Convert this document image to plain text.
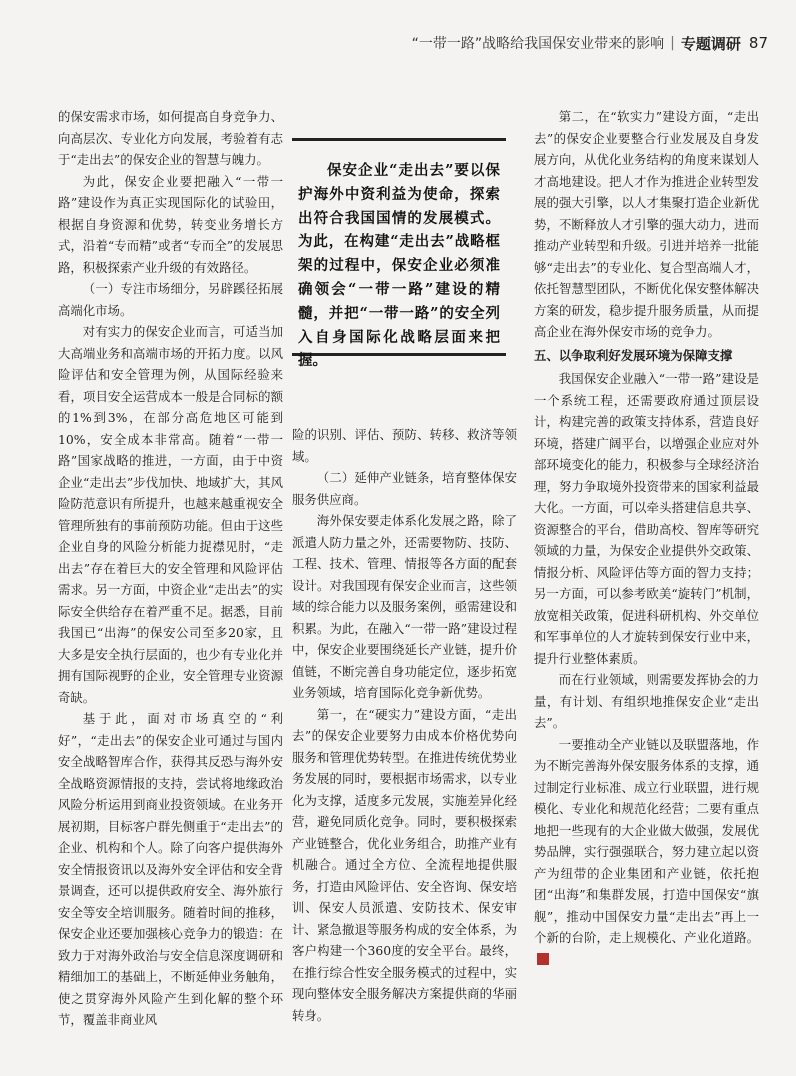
“一带一路”战略给我国保安业带来的影响 | 专题调研 87

的保安需求市场，如何提高自身竞争力、向高层次、专业化方向发展，考验着有志于“走出去”的保安企业的智慧与魄力。

为此，保安企业要把融入“一带一路”建设作为真正实现国际化的试验田，根据自身资源和优势，转变业务增长方式，沿着“专而精”或者“专而全”的发展思路，积极探索产业升级的有效路径。

（一）专注市场细分，另辟蹊径拓展高端化市场。

对有实力的保安企业而言，可适当加大高端业务和高端市场的开拓力度。以风险评估和安全管理为例，从国际经验来看，项目安全运营成本一般是合同标的额的1%到3%，在部分高危地区可能到10%，安全成本非常高。随着“一带一路”国家战略的推进，一方面，由于中资企业“走出去”步伐加快、地域扩大，其风险防范意识有所提升，也越来越重视安全管理所独有的事前预防功能。但由于这些企业自身的风险分析能力捉襟见肘，“走出去”存在着巨大的安全管理和风险评估需求。另一方面，中资企业“走出去”的实际安全供给存在着严重不足。据悉，目前我国已“出海”的保安公司至多20家，且大多是安全执行层面的，也少有专业化并拥有国际视野的企业，安全管理专业资源奇缺。

基于此，面对市场真空的“利好”，“走出去”的保安企业可通过与国内安全战略智库合作，获得其反恐与海外安全战略资源情报的支持，尝试将地缘政治风险分析运用到商业投资领域。在业务开展初期，目标客户群先侧重于“走出去”的企业、机构和个人。除了向客户提供海外安全情报资讯以及海外安全评估和安全背景调查，还可以提供政府安全、海外旅行安全等安全培训服务。随着时间的推移，保安企业还要加强核心竞争力的锻造：在致力于对海外政治与安全信息深度调研和精细加工的基础上，不断延伸业务触角，使之贯穿海外风险产生到化解的整个环节，覆盖非商业风

保安企业“走出去”要以保护海外中资利益为使命，探索出符合我国国情的发展模式。为此，在构建“走出去”战略框架的过程中，保安企业必须准确领会“一带一路”建设的精髓，并把“一带一路”的安全列入自身国际化战略层面来把握。

险的识别、评估、预防、转移、救济等领域。

（二）延伸产业链条，培育整体保安服务供应商。

海外保安要走体系化发展之路，除了派遣人防力量之外，还需要物防、技防、工程、技术、管理、情报等各方面的配套设计。对我国现有保安企业而言，这些领域的综合能力以及服务案例，亟需建设和积累。为此，在融入“一带一路”建设过程中，保安企业要围绕延长产业链，提升价值链，不断完善自身功能定位，逐步拓宽业务领域，培育国际化竞争新优势。

第一，在“硬实力”建设方面，“走出去”的保安企业要努力由成本价格优势向服务和管理优势转型。在推进传统优势业务发展的同时，要根据市场需求，以专业化为支撑，适度多元发展，实施差异化经营，避免同质化竞争。同时，要积极探索产业链整合，优化业务组合，助推产业有机融合。通过全方位、全流程地提供服务，打造由风险评估、安全咨询、保安培训、保安人员派遣、安防技术、保安审计、紧急撤退等服务构成的安全体系，为客户构建一个360度的安全平台。最终，在推行综合性安全服务模式的过程中，实现向整体安全服务解决方案提供商的华丽转身。

第二，在“软实力”建设方面，“走出去”的保安企业要整合行业发展及自身发展方向，从优化业务结构的角度来谋划人才高地建设。把人才作为推进企业转型发展的强大引擎，以人才集聚打造企业新优势，不断释放人才引擎的强大动力，进而推动产业转型和升级。引进并培养一批能够“走出去”的专业化、复合型高端人才，依托智慧型团队，不断优化保安整体解决方案的研发，稳步提升服务质量，从而提高企业在海外保安市场的竞争力。

五、以争取利好发展环境为保障支撑

我国保安企业融入“一带一路”建设是一个系统工程，还需要政府通过顶层设计，构建完善的政策支持体系，营造良好环境，搭建广阔平台，以增强企业应对外部环境变化的能力，积极参与全球经济治理，努力争取境外投资带来的国家利益最大化。一方面，可以牵头搭建信息共享、资源整合的平台，借助高校、智库等研究领域的力量，为保安企业提供外交政策、情报分析、风险评估等方面的智力支持；另一方面，可以参考欧美“旋转门”机制，放宽相关政策，促进科研机构、外交单位和军事单位的人才旋转到保安行业中来，提升行业整体素质。

而在行业领域，则需要发挥协会的力量，有计划、有组织地推保安企业“走出去”。

一要推动全产业链以及联盟落地，作为不断完善海外保安服务体系的支撑，通过制定行业标准、成立行业联盟，进行规模化、专业化和规范化经营；二要有重点地把一些现有的大企业做大做强，发展优势品牌，实行强强联合，努力建立起以资产为纽带的企业集团和产业链，依托抱团“出海”和集群发展，打造中国保安“旗舰”，推动中国保安力量“走出去”再上一个新的台阶，走上规模化、产业化道路。
